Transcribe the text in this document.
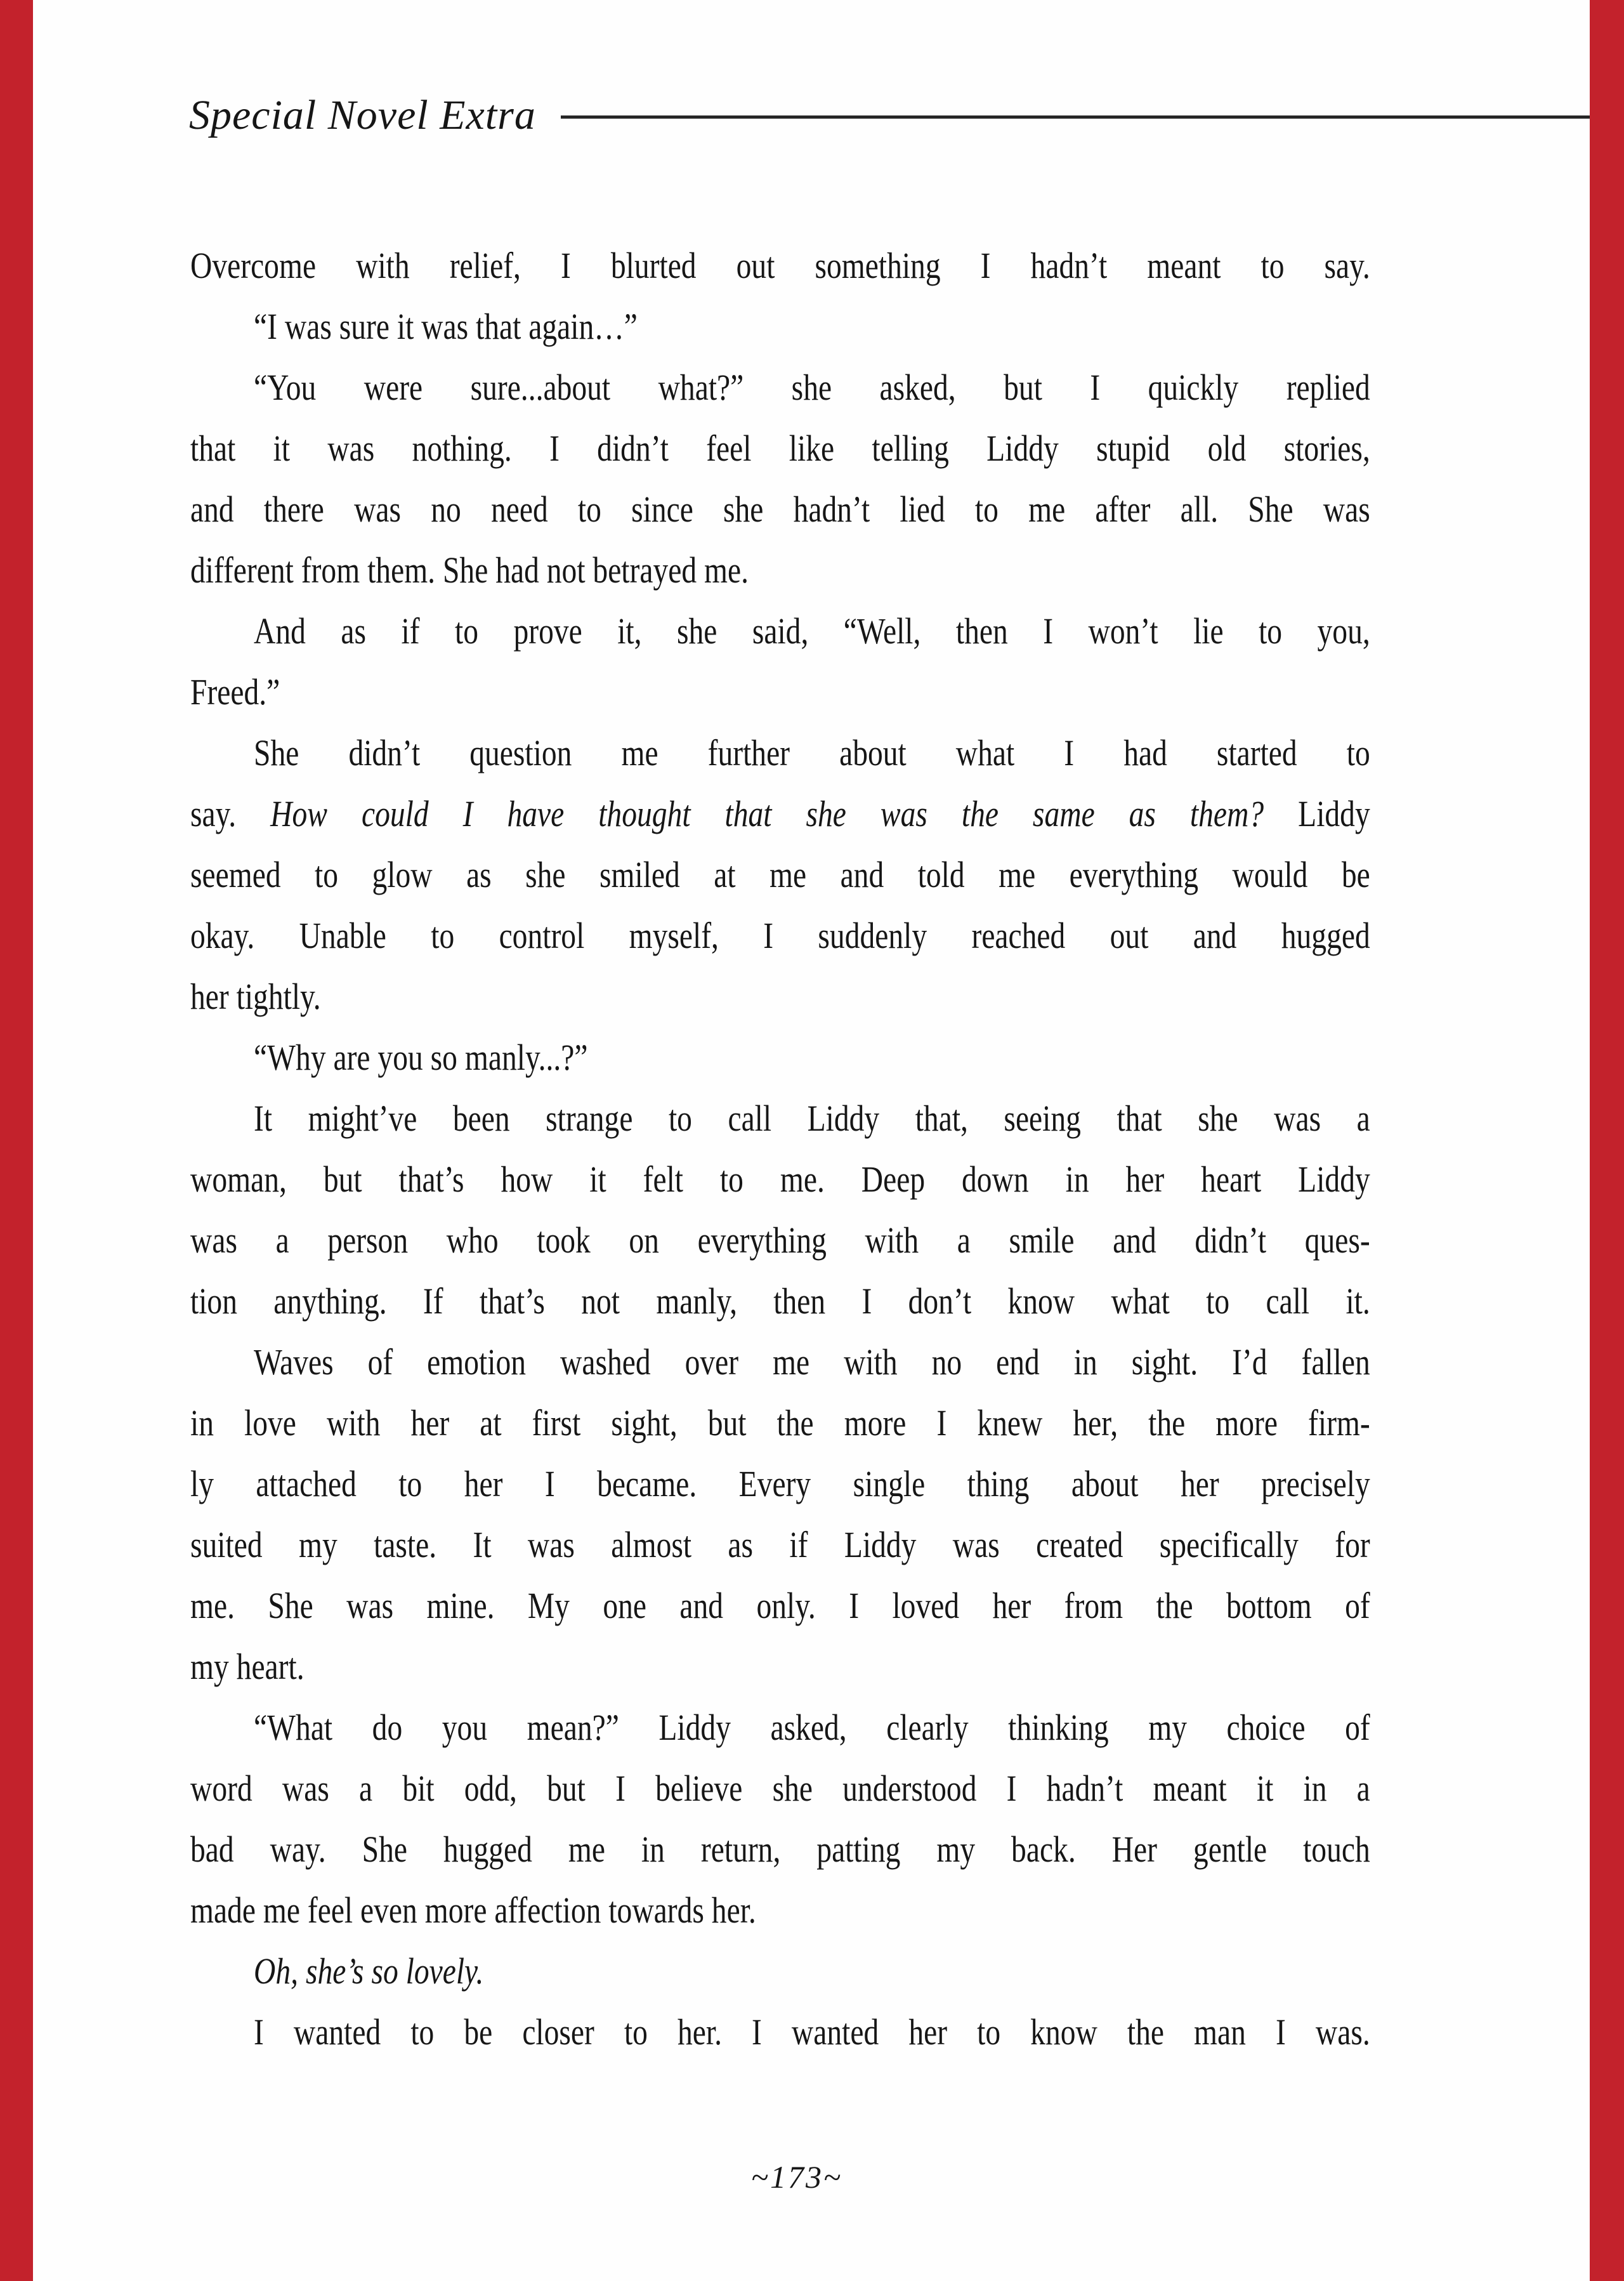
Special Novel Extra
Overcome with relief, I blurted out something I hadn’t meant to say.
“I was sure it was that again…”
“You were sure...about what?” she asked, but I quickly replied
that it was nothing. I didn’t feel like telling Liddy stupid old stories,
and there was no need to since she hadn’t lied to me after all. She was
different from them. She had not betrayed me.
And as if to prove it, she said, “Well, then I won’t lie to you,
Freed.”
She didn’t question me further about what I had started to
say. How could I have thought that she was the same as them? Liddy
seemed to glow as she smiled at me and told me everything would be
okay. Unable to control myself, I suddenly reached out and hugged
her tightly.
“Why are you so manly...?”
It might’ve been strange to call Liddy that, seeing that she was a
woman, but that’s how it felt to me. Deep down in her heart Liddy
was a person who took on everything with a smile and didn’t ques-
tion anything. If that’s not manly, then I don’t know what to call it.
Waves of emotion washed over me with no end in sight. I’d fallen
in love with her at first sight, but the more I knew her, the more firm-
ly attached to her I became. Every single thing about her precisely
suited my taste. It was almost as if Liddy was created specifically for
me. She was mine. My one and only. I loved her from the bottom of
my heart.
“What do you mean?” Liddy asked, clearly thinking my choice of
word was a bit odd, but I believe she understood I hadn’t meant it in a
bad way. She hugged me in return, patting my back. Her gentle touch
made me feel even more affection towards her.
Oh, she’s so lovely.
I wanted to be closer to her. I wanted her to know the man I was.
~173~
